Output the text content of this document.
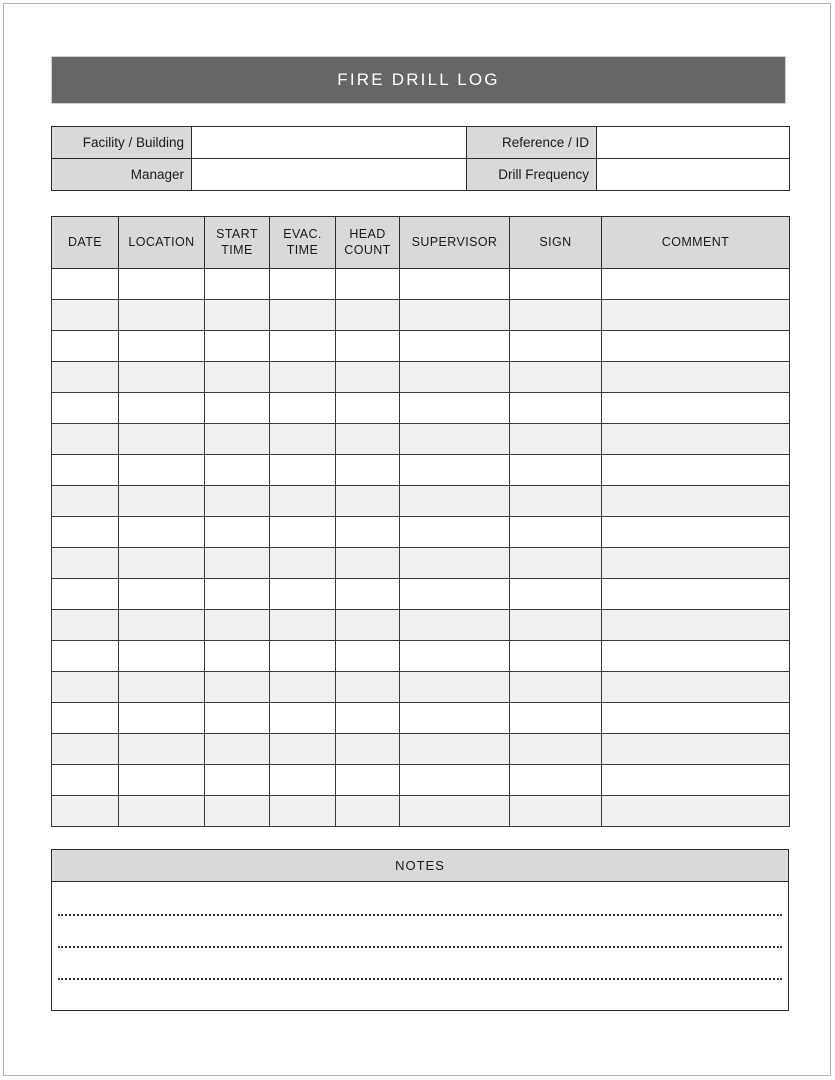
FIRE DRILL LOG
Facility / Building		Reference / ID	
Manager		Drill Frequency	
DATE	LOCATION	START TIME	EVAC. TIME	HEAD COUNT	SUPERVISOR	SIGN	COMMENT

NOTES
